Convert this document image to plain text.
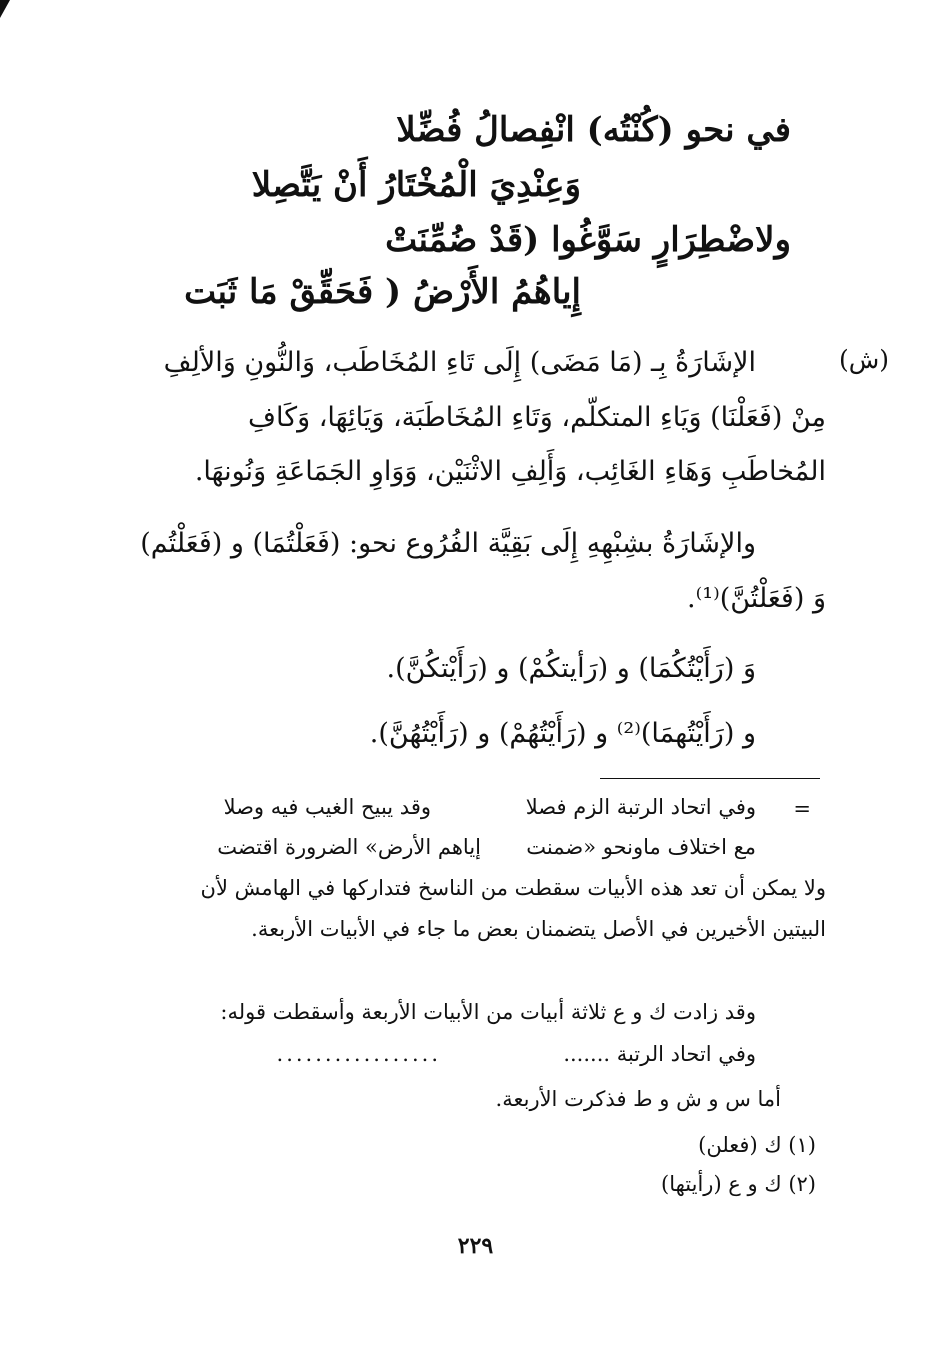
في نحو (كُنْتُه) انْفِصالُ فُضِّلا
وَعِنْدِيَ الْمُخْتَارُ أَنْ يَتَّصِلا
ولاضْطِرَارٍ سَوَّغُوا (قَدْ ضُمِّنَتْ
إِياهُمُ الأَرْضُ ( فَحَقِّقْ مَا ثَبَت
(ش)
الإشَارَةُ بِـ (مَا مَضَى) إِلَى تَاءِ المُخَاطَب، وَالنُّونِ وَالألِفِ
مِنْ (فَعَلْنَا) وَيَاءِ المتكلّم، وَتَاءِ المُخَاطَبَة، وَيَائِهَا، وَكَافِ
المُخاطَبِ وَهَاءِ الغَائِب، وَأَلِفِ الاثْنَيْن، وَوَاوِ الجَمَاعَةِ وَنُونهَا.
والإشَارَةُ بشِبْهِهِ إِلَى بَقِيَّة الفُرُوع نحو: (فَعَلْتُمَا) و (فَعَلْتُم)
وَ (فَعَلْتُنَّ)⁽¹⁾.
وَ (رَأَيْتُكُمَا) و (رَأيتكُمْ) و (رَأَيْتكُنَّ).
و (رَأَيْتُهمَا)⁽²⁾ و (رَأَيْتُهُمْ) و (رَأَيْتُهُنَّ).
=
وفي اتحاد الرتبة الزم فصلا
وقد يبيح الغيب فيه وصلا
مع اختلاف ماونحو «ضمنت
إياهم الأرض» الضرورة اقتضت
ولا يمكن أن تعد هذه الأبيات سقطت من الناسخ فتداركها في الهامش لأن
البيتين الأخيرين في الأصل يتضمنان بعض ما جاء في الأبيات الأربعة.
وقد زادت ك و ع ثلاثة أبيات من الأبيات الأربعة وأسقطت قوله:
وفي اتحاد الرتبة .......
.................
أما س و ش و ط فذكرت الأربعة.
(١) ك (فعلن)
(٢) ك و ع (رأيتها)
٢٢٩
